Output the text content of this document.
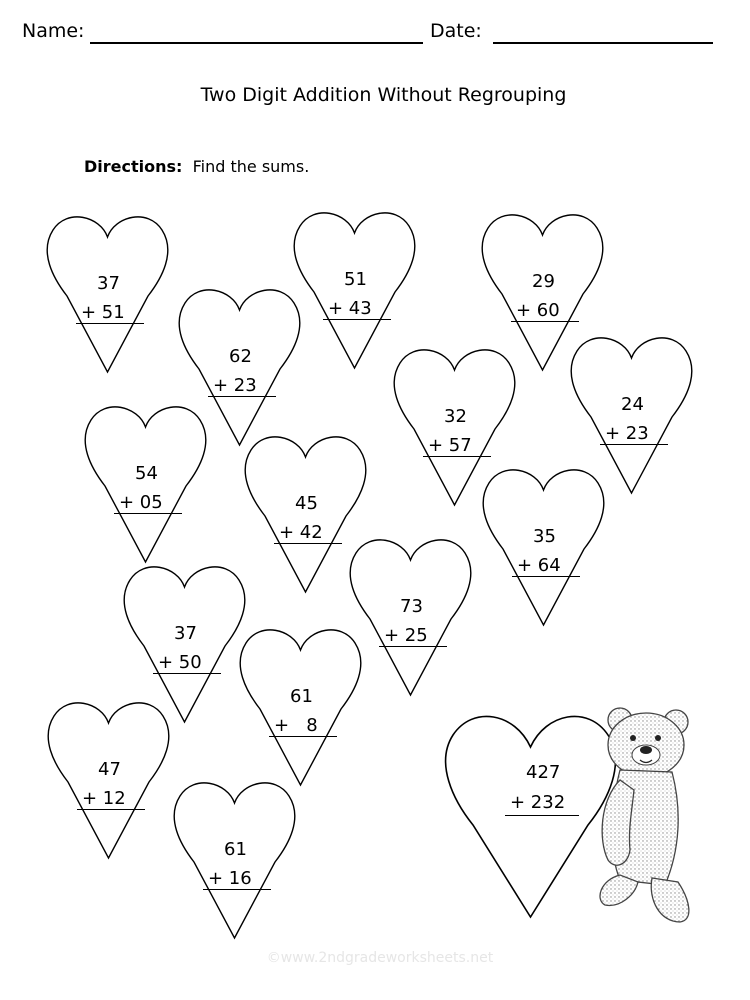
Name:	Date:
Two Digit Addition Without Regrouping
Directions: Find the sums.
37
+ 51
62
+ 23
51
+ 43
29
+ 60
24
+ 23
32
+ 57
54
+ 05	45
+ 42	35
+ 64
73
+ 25
37
+ 50
61
+   8
47
+ 12
61
+ 16
427
+ 232
©www.2ndgradeworksheets.net
